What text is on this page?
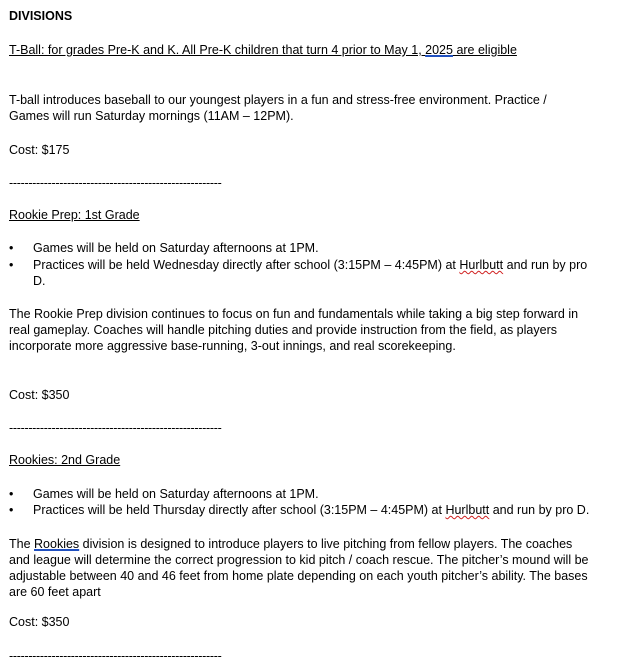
DIVISIONS
T-Ball: for grades Pre-K and K. All Pre-K children that turn 4 prior to May 1, 2025 are eligible
T-ball introduces baseball to our youngest players in a fun and stress-free environment. Practice /
Games will run Saturday mornings (11AM – 12PM).
Cost: $175
-------------------------------------------------------
Rookie Prep: 1st Grade
• Games will be held on Saturday afternoons at 1PM.
• Practices will be held Wednesday directly after school (3:15PM – 4:45PM) at Hurlbutt and run by pro
D.
The Rookie Prep division continues to focus on fun and fundamentals while taking a big step forward in
real gameplay. Coaches will handle pitching duties and provide instruction from the field, as players
incorporate more aggressive base-running, 3-out innings, and real scorekeeping.
Cost: $350
-------------------------------------------------------
Rookies: 2nd Grade
• Games will be held on Saturday afternoons at 1PM.
• Practices will be held Thursday directly after school (3:15PM – 4:45PM) at Hurlbutt and run by pro D.
The Rookies division is designed to introduce players to live pitching from fellow players. The coaches
and league will determine the correct progression to kid pitch / coach rescue. The pitcher’s mound will be
adjustable between 40 and 46 feet from home plate depending on each youth pitcher’s ability. The bases
are 60 feet apart
Cost: $350
-------------------------------------------------------
